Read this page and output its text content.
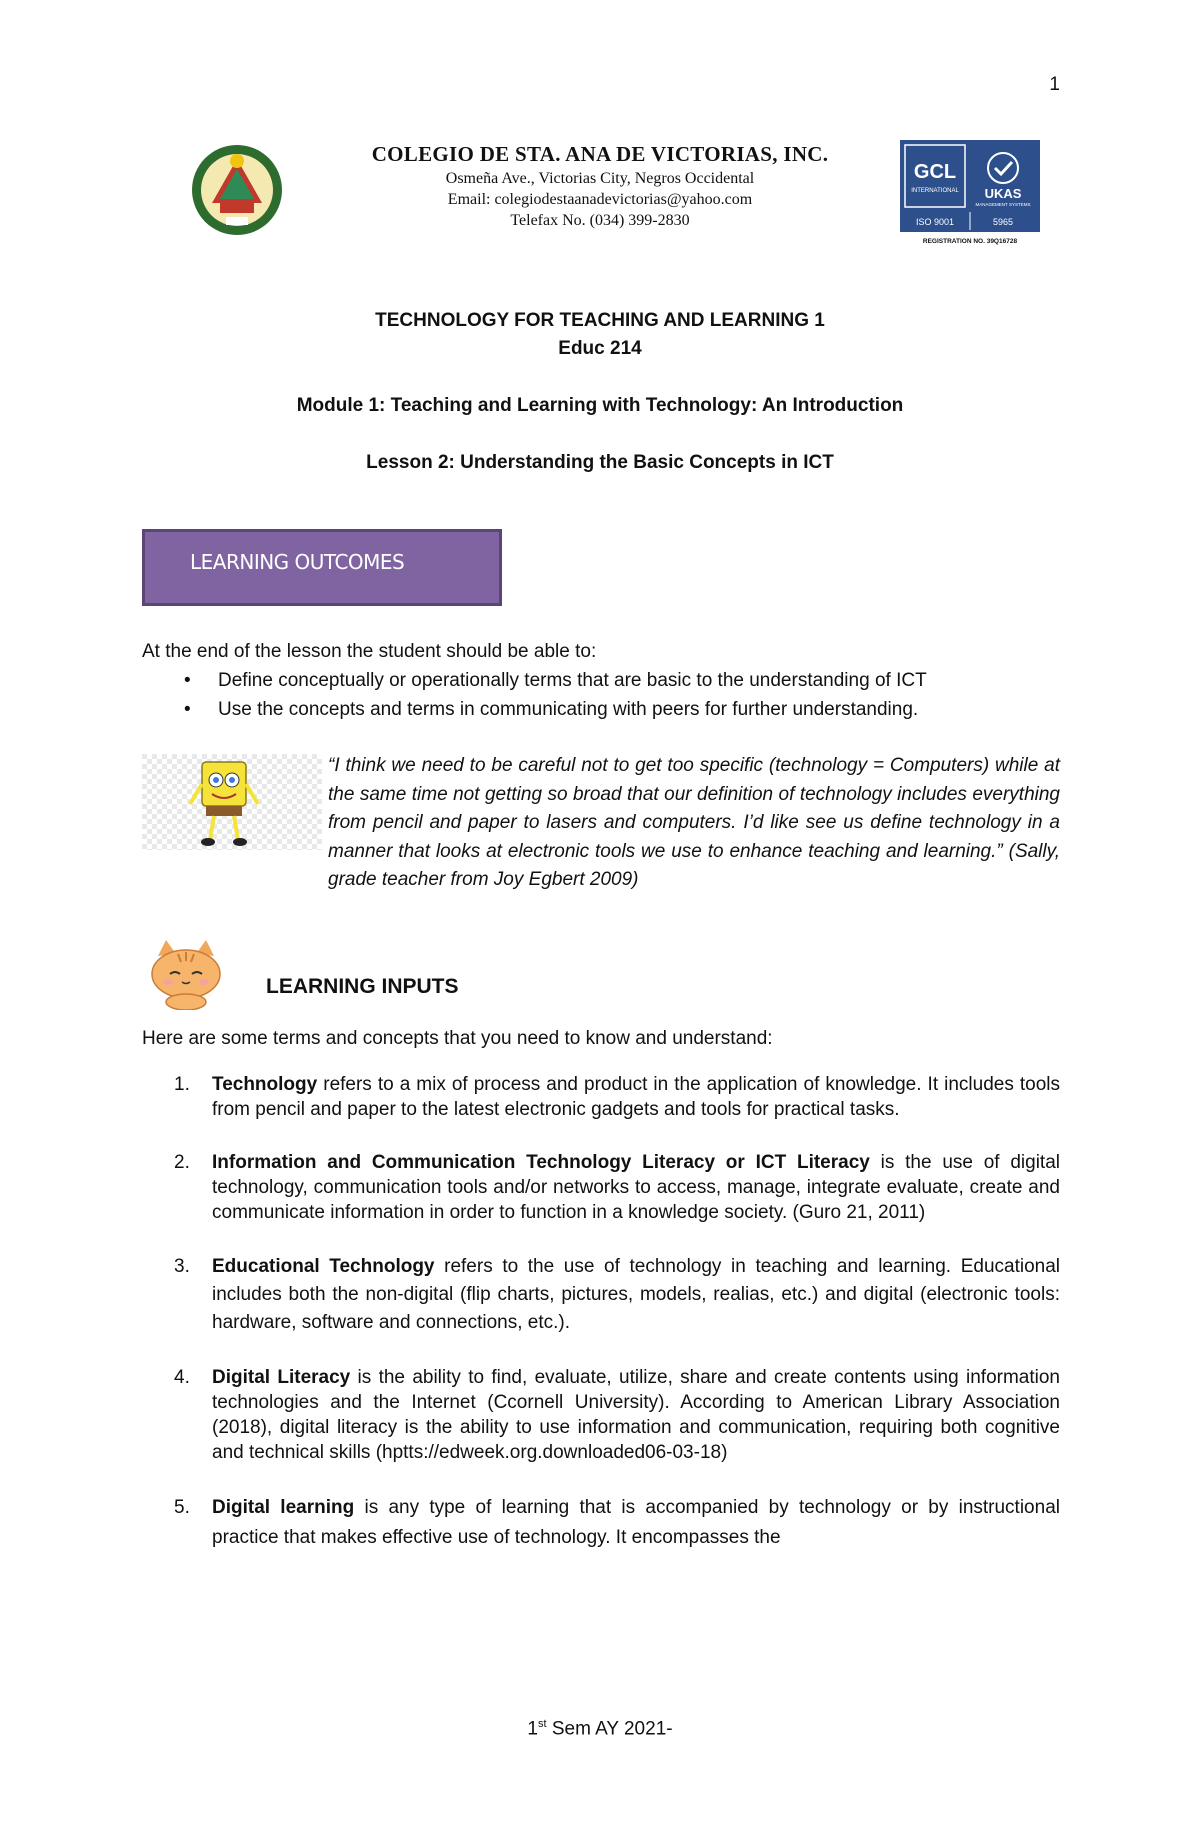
1
COLEGIO DE STA. ANA DE VICTORIAS, INC.
Osmeña Ave., Victorias City, Negros Occidental
Email: colegiodestaanadevictorias@yahoo.com
Telefax No. (034) 399-2830
GCL
INTERNATIONAL UKAS
MANAGEMENT SYSTEMS
ISO 9001	5965
REGISTRATION NO. 39Q16728
TECHNOLOGY FOR TEACHING AND LEARNING 1
Educ 214
Module 1: Teaching and Learning with Technology: An Introduction
Lesson 2: Understanding the Basic Concepts in ICT
LEARNING OUTCOMES
At the end of the lesson the student should be able to:
• Define conceptually or operationally terms that are basic to the understanding of ICT
• Use the concepts and terms in communicating with peers for further understanding.
“I think we need to be careful not to get too specific (technology = Computers) while at the same time not getting so broad that our definition of technology includes everything from pencil and paper to lasers and computers. I’d like see us define technology in a manner that looks at electronic tools we use to enhance teaching and learning.” (Sally, grade teacher from Joy Egbert 2009)
LEARNING INPUTS
Here are some terms and concepts that you need to know and understand:
1. Technology refers to a mix of process and product in the application of knowledge. It includes tools from pencil and paper to the latest electronic gadgets and tools for practical tasks.
2. Information and Communication Technology Literacy or ICT Literacy is the use of digital technology, communication tools and/or networks to access, manage, integrate evaluate, create and communicate information in order to function in a knowledge society. (Guro 21, 2011)
3. Educational Technology refers to the use of technology in teaching and learning. Educational includes both the non-digital (flip charts, pictures, models, realias, etc.) and digital (electronic tools: hardware, software and connections, etc.).
4. Digital Literacy is the ability to find, evaluate, utilize, share and create contents using information technologies and the Internet (Ccornell University). According to American Library Association (2018), digital literacy is the ability to use information and communication, requiring both cognitive and technical skills (hptts://edweek.org.downloaded06-03-18)
5. Digital learning is any type of learning that is accompanied by technology or by instructional practice that makes effective use of technology. It encompasses the
1st Sem AY 2021-
